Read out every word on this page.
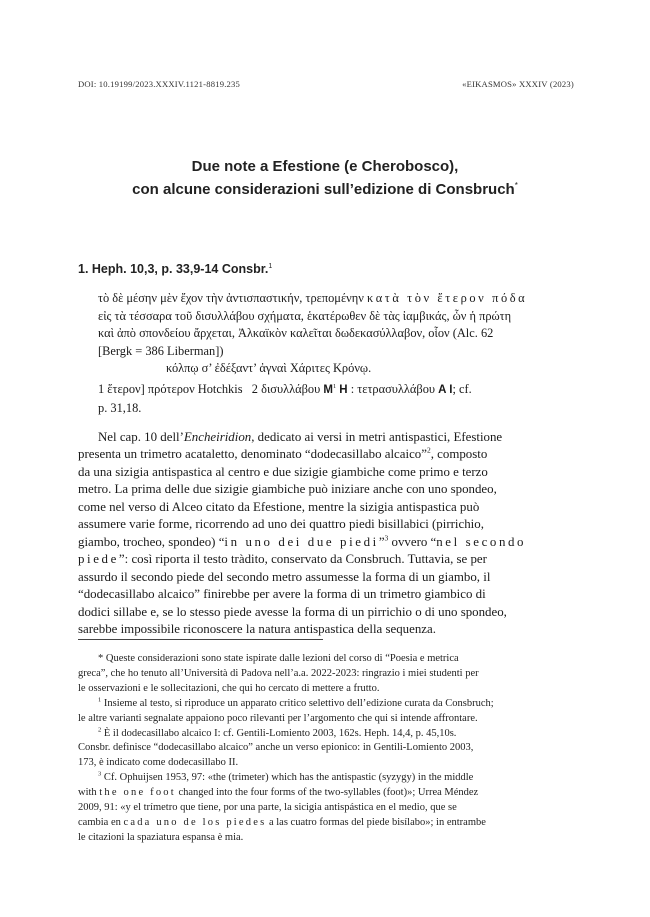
DOI: 10.19199/2023.XXXIV.1121-8819.235	«EIKASMOS» XXXIV (2023)
Due note a Efestione (e Cherobosco),
con alcune considerazioni sull’edizione di Consbruch*
1. Heph. 10,3, p. 33,9-14 Consbr.$^1$
τὸ δὲ μέσην μὲν ἔχον τὴν ἀντισπαστικήν, τρεπομένην κατὰ τὸν ἕτερον πόδα
εἰς τὰ τέσσαρα τοῦ δισυλλάβου σχήματα, ἑκατέρωθεν δὲ τὰς ἰαμβικάς, ὧν ἡ πρώτη
καὶ ἀπὸ σπονδείου ἄρχεται, Ἀλκαϊκὸν καλεῖται δωδεκασύλλαβον, οἷον (Alc. 62
[Bergk = 386 Liberman])
κόλπῳ σ’ ἐδέξαντ’ ἀγναὶ Χάριτες Κρόνῳ.
1 ἕτερον] πρότερον Hotchkis   2 δισυλλάβου $M^1$ H : τετρασυλλάβου A I; cf.
p. 31,18.
Nel cap. 10 dell’Encheiridion, dedicato ai versi in metri antispastici, Efestione
presenta un trimetro acataletto, denominato “dodecasillabo alcaico”$^2$, composto
da una sizigia antispastica al centro e due sizigie giambiche come primo e terzo
metro. La prima delle due sizigie giambiche può iniziare anche con uno spondeo,
come nel verso di Alceo citato da Efestione, mentre la sizigia antispastica può
assumere varie forme, ricorrendo ad uno dei quattro piedi bisillabici (pirrichio,
giambo, trocheo, spondeo) “in uno dei due piedi”$^3$ ovvero “nel secondo
piede”: così riporta il testo tràdito, conservato da Consbruch. Tuttavia, se per
assurdo il secondo piede del secondo metro assumesse la forma di un giambo, il
“dodecasillabo alcaico” finirebbe per avere la forma di un trimetro giambico di
dodici sillabe e, se lo stesso piede avesse la forma di un pirrichio o di uno spondeo,
sarebbe impossibile riconoscere la natura antispastica della sequenza.
* Queste considerazioni sono state ispirate dalle lezioni del corso di “Poesia e metrica
greca”, che ho tenuto all’Università di Padova nell’a.a. 2022-2023: ringrazio i miei studenti per
le osservazioni e le sollecitazioni, che qui ho cercato di mettere a frutto.
$^1$ Insieme al testo, si riproduce un apparato critico selettivo dell’edizione curata da Consbruch;
le altre varianti segnalate appaiono poco rilevanti per l’argomento che qui si intende affrontare.
$^2$ È il dodecasillabo alcaico I: cf. Gentili-Lomiento 2003, 162s. Heph. 14,4, p. 45,10s.
Consbr. definisce “dodecasillabo alcaico” anche un verso epionico: in Gentili-Lomiento 2003,
173, è indicato come dodecasillabo II.
$^3$ Cf. Ophuijsen 1953, 97: «the (trimeter) which has the antispastic (syzygy) in the middle
with the one foot changed into the four forms of the two-syllables (foot)»; Urrea Méndez
2009, 91: «y el trímetro que tiene, por una parte, la sicigia antispástica en el medio, que se
cambia en cada uno de los piedes a las cuatro formas del piede bisílabo»; in entrambe
le citazioni la spaziatura espansa è mia.
